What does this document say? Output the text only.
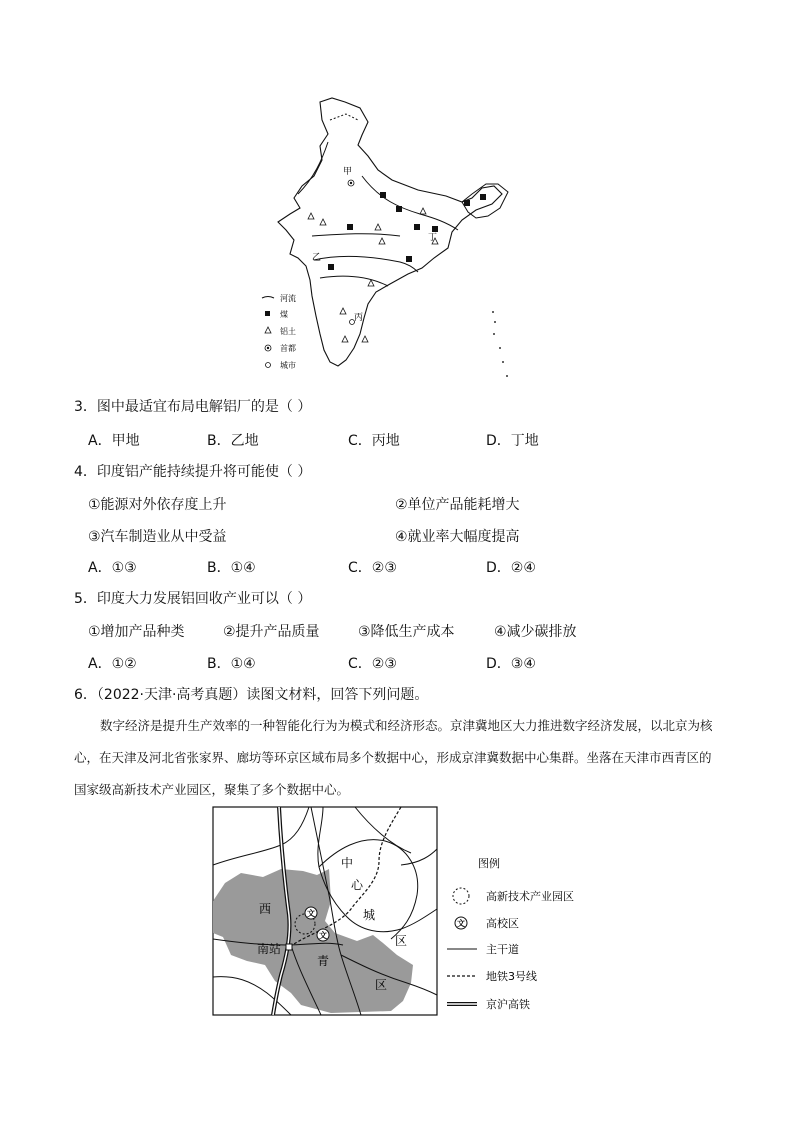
甲
乙
丙
丁
河流
煤
铝土
首都
城市
3．图中最适宜布局电解铝厂的是（ ）
A．甲地	B．乙地	C．丙地	D．丁地
4．印度铝产能持续提升将可能使（ ）
①能源对外依存度上升	②单位产品能耗增大
③汽车制造业从中受益	④就业率大幅度提高
A．①③	B．①④	C．②③	D．②④
5．印度大力发展铝回收产业可以（ ）
①增加产品种类	②提升产品质量	③降低生产成本	④减少碳排放
A．①②	B．①④	C．②③	D．③④
6．（2022·天津·高考真题）读图文材料，回答下列问题。
数字经济是提升生产效率的一种智能化行为为模式和经济形态。京津冀地区大力推进数字经济发展，以北京为核心，在天津及河北省张家界、廊坊等环京区域布局多个数据中心，形成京津冀数据中心集群。坐落在天津市西青区的国家级高新技术产业园区，聚集了多个数据中心。
文
文
中
心
城
区
西
南站
青
区
图例
文
高新技术产业园区
高校区
主干道
地铁3号线
京沪高铁
